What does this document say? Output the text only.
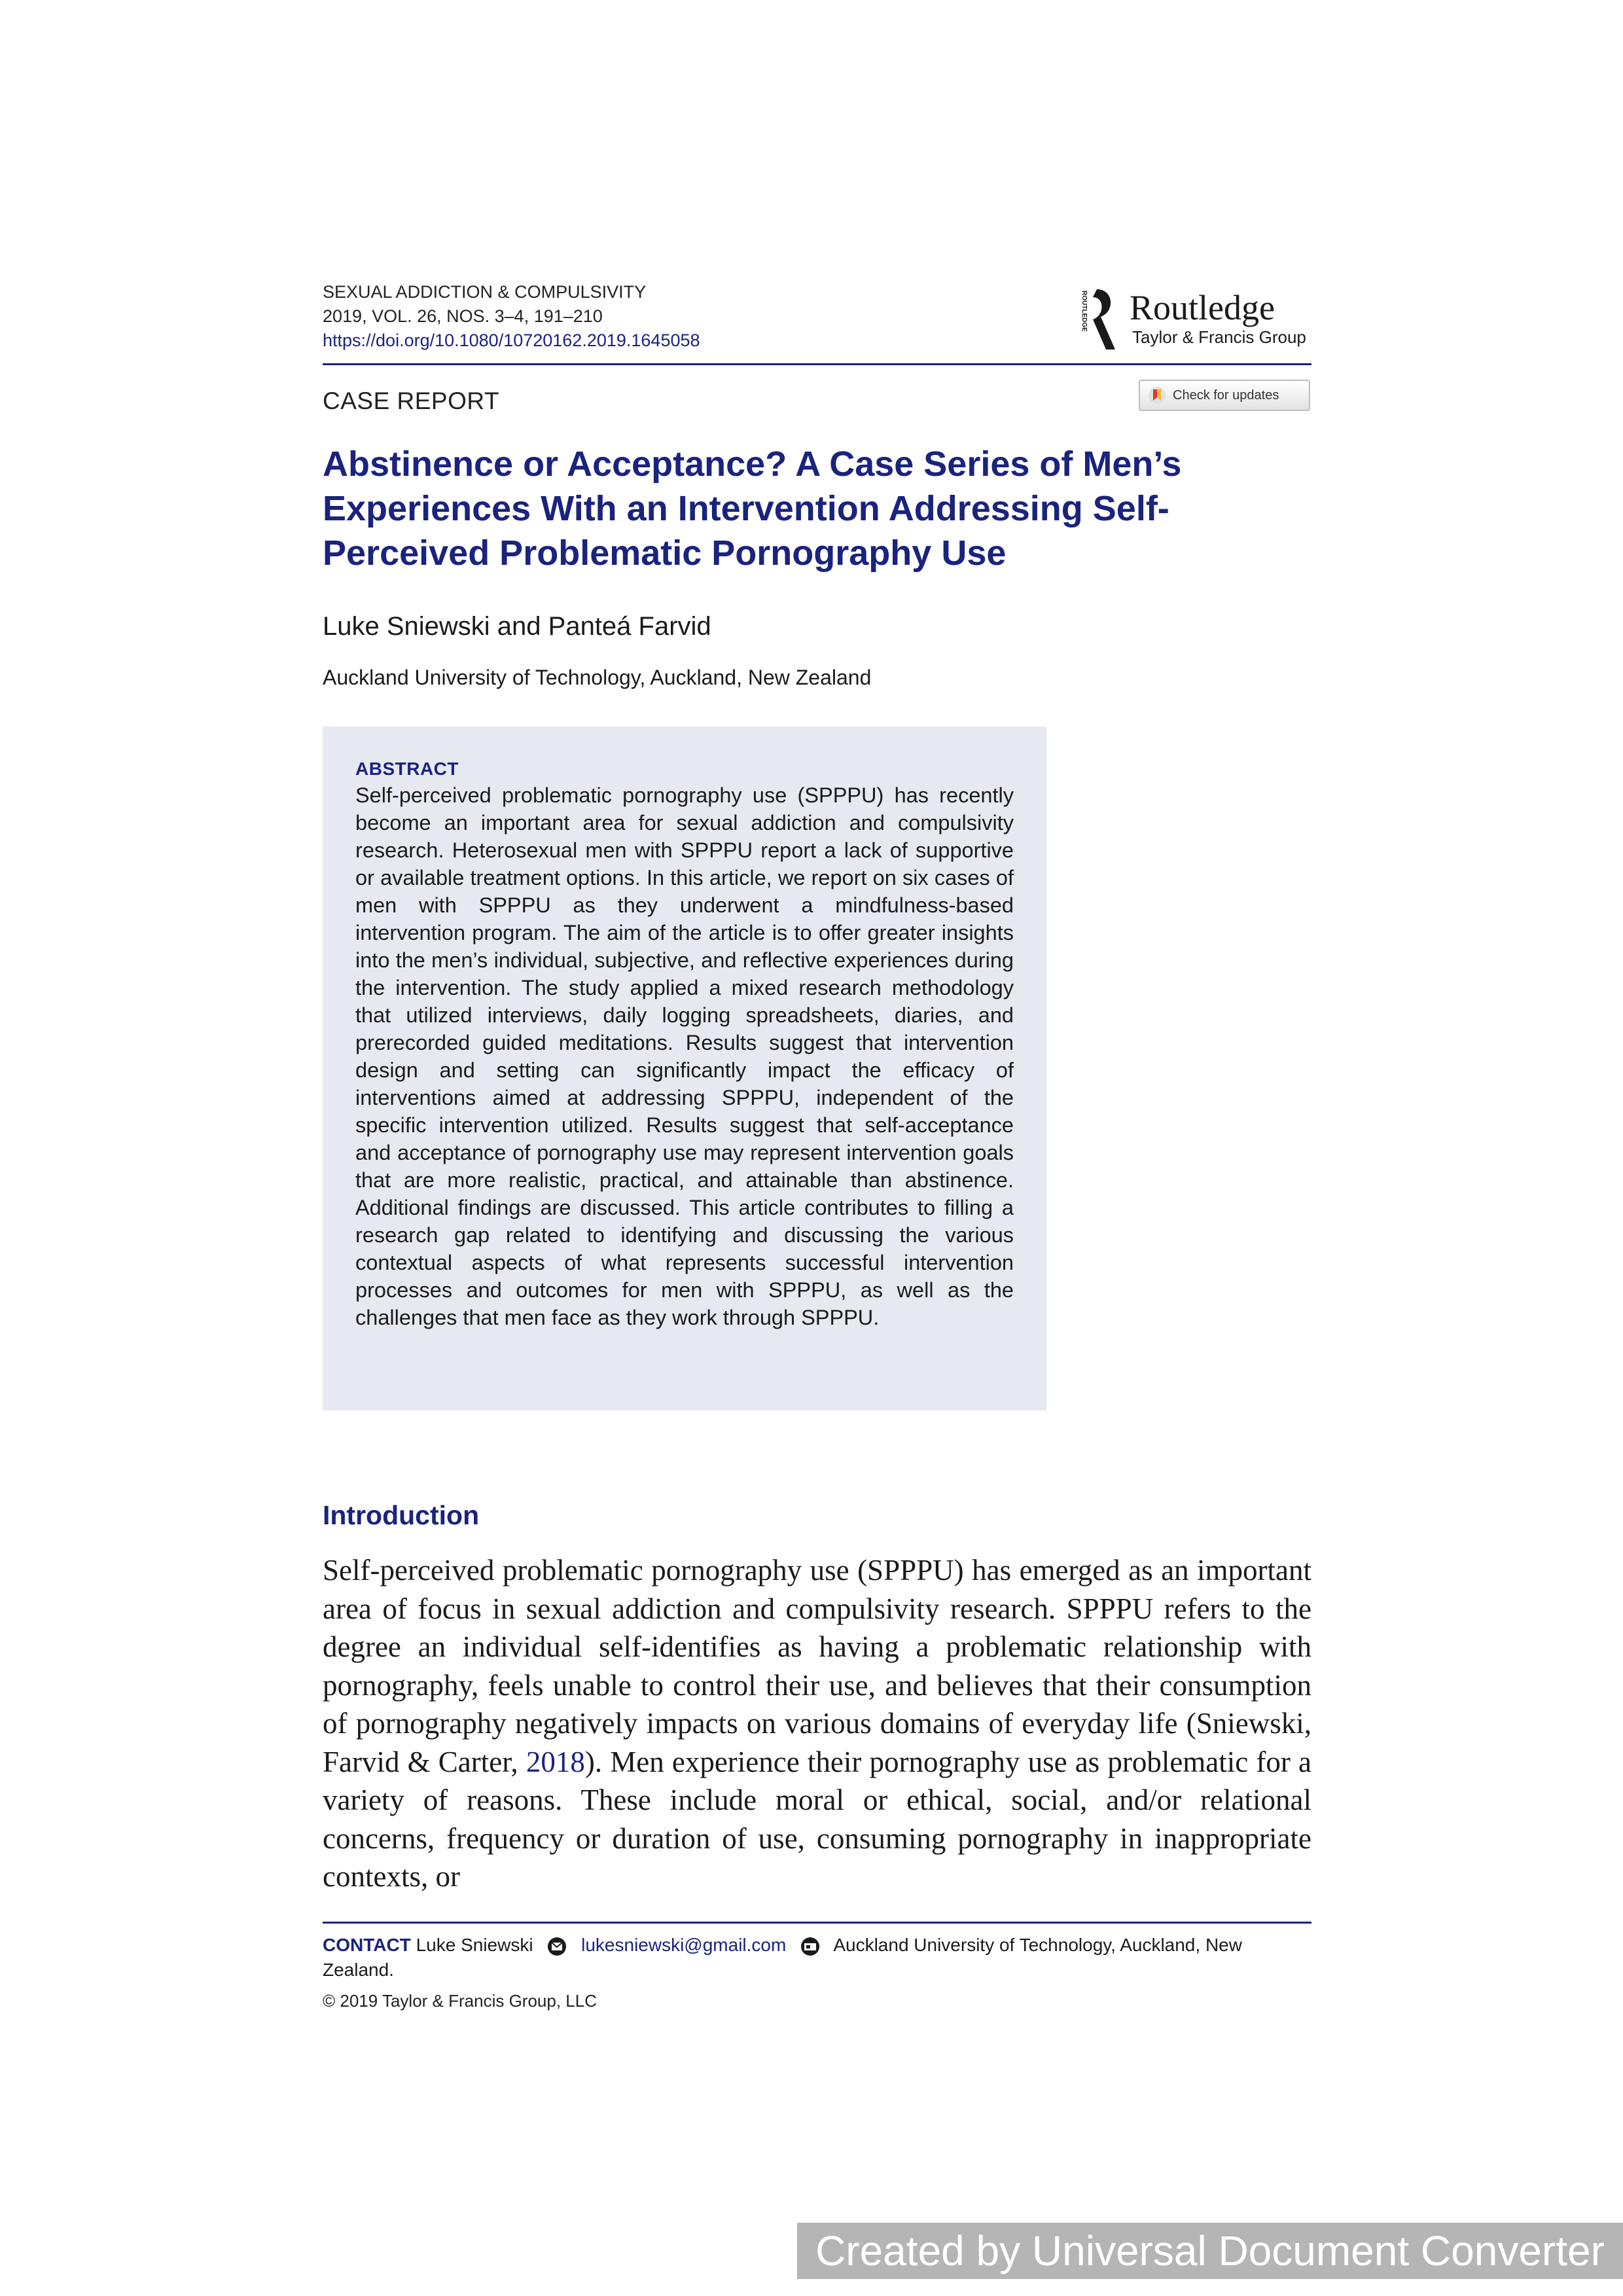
SEXUAL ADDICTION & COMPULSIVITY
2019, VOL. 26, NOS. 3–4, 191–210
https://doi.org/10.1080/10720162.2019.1645058
ROUTLEDGE Routledge
Taylor & Francis Group
CASE REPORT	Check for updates
Abstinence or Acceptance? A Case Series of Men’s Experiences With an Intervention Addressing Self-Perceived Problematic Pornography Use
Luke Sniewski and Panteá Farvid
Auckland University of Technology, Auckland, New Zealand
ABSTRACT
Self-perceived problematic pornography use (SPPPU) has recently become an important area for sexual addiction and compulsivity research. Heterosexual men with SPPPU report a lack of supportive or available treatment options. In this article, we report on six cases of men with SPPPU as they underwent a mindfulness-based intervention program. The aim of the article is to offer greater insights into the men’s individual, subjective, and reflective experiences during the intervention. The study applied a mixed research methodology that utilized interviews, daily logging spreadsheets, diaries, and prerecorded guided meditations. Results suggest that intervention design and setting can significantly impact the efficacy of interventions aimed at addressing SPPPU, independent of the specific intervention utilized. Results suggest that self-acceptance and acceptance of pornography use may represent intervention goals that are more realistic, practical, and attainable than abstinence. Additional findings are discussed. This article contributes to filling a research gap related to identifying and discussing the various contextual aspects of what represents successful intervention processes and outcomes for men with SPPPU, as well as the challenges that men face as they work through SPPPU.
Introduction
Self-perceived problematic pornography use (SPPPU) has emerged as an important area of focus in sexual addiction and compulsivity research. SPPPU refers to the degree an individual self-identifies as having a problematic relationship with pornography, feels unable to control their use, and believes that their consumption of pornography negatively impacts on various domains of everyday life (Sniewski, Farvid & Carter, 2018). Men experience their pornography use as problematic for a variety of reasons. These include moral or ethical, social, and/or relational concerns, frequency or duration of use, consuming pornography in inappropriate contexts, or
CONTACT Luke Sniewski	lukesniewski@gmail.com	Auckland University of Technology, Auckland, New Zealand.
© 2019 Taylor & Francis Group, LLC
Created by Universal Document Converter
